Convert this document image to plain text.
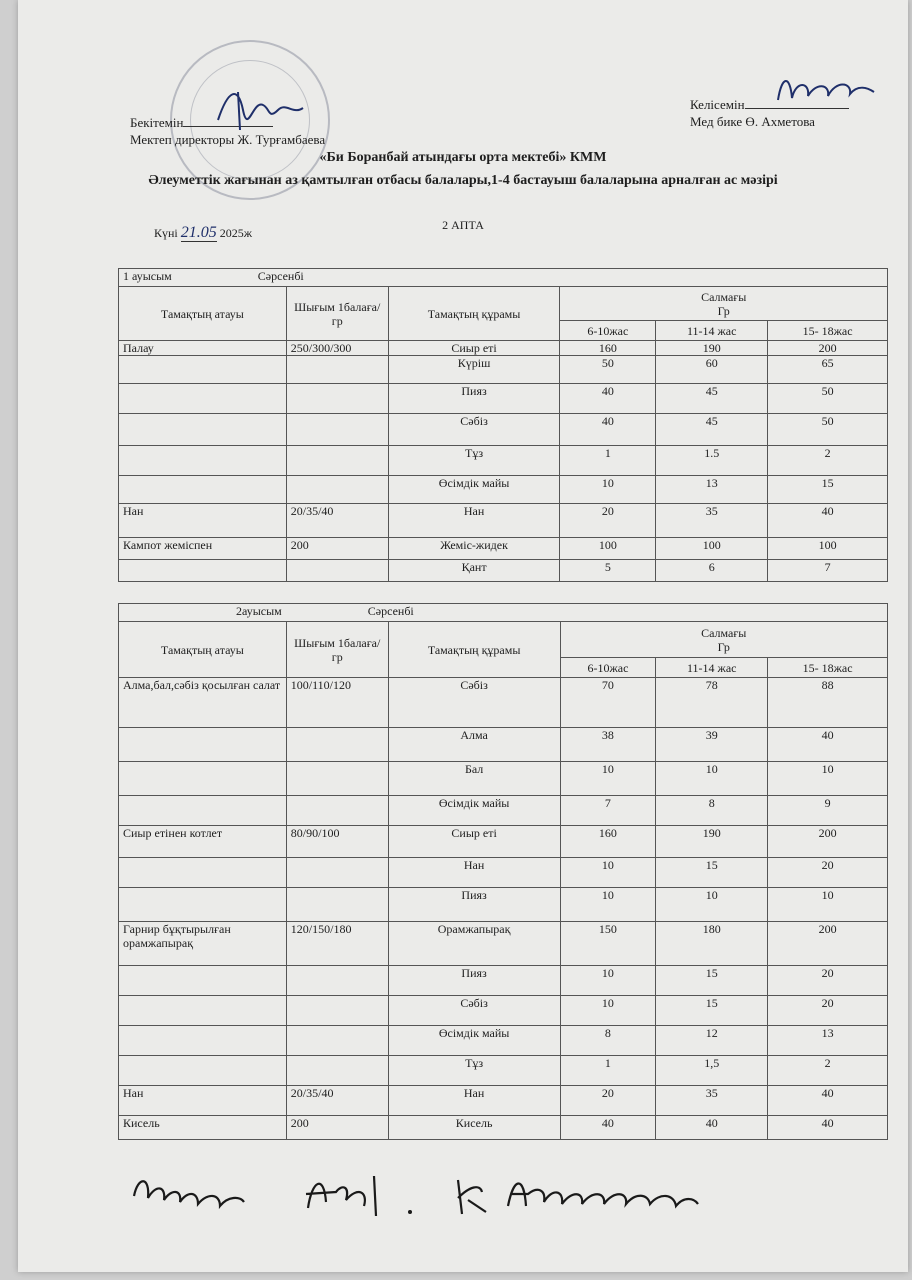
Бекітемін
Мектеп директоры Ж. Турғамбаева
Келісемін
Мед бике Ө. Ахметова
«Би Боранбай атындағы орта мектебі» КММ
Әлеуметтік жағынан аз қамтылған отбасы балалары,1-4 бастауыш балаларына арналған ас мәзірі
2 АПТА
Күні 21.05 2025ж
1 ауысым Сәрсенбі					
Тамақтың атауы	Шығым 1балаға/гр	Тамақтың құрамы	Салмағы
Гр		

			6-10жас	11-14 жас	15- 18жас
Палау	250/300/300	Сиыр еті	160	190	200
		Күріш	50	60	65
		Пияз	40	45	50
		Сәбіз	40	45	50
		Тұз	1	1.5	2
		Өсімдік майы	10	13	15
Нан	20/35/40	Нан	20	35	40
Кампот жеміспен	200	Жеміс-жидек	100	100	100
		Қант	5	6	7
2ауысым Сәрсенбі					
Тамақтың атауы	Шығым 1балаға/гр	Тамақтың құрамы	Салмағы
Гр		

			6-10жас	11-14 жас	15- 18жас
Алма,бал,сәбіз қосылған салат	100/110/120	Сәбіз	70	78	88
		Алма	38	39	40
		Бал	10	10	10
		Өсімдік майы	7	8	9
Сиыр етінен котлет	80/90/100	Сиыр еті	160	190	200
		Нан	10	15	20
		Пияз	10	10	10
Гарнир бұқтырылған орамжапырақ	120/150/180	Орамжапырақ	150	180	200
		Пияз	10	15	20
		Сәбіз	10	15	20
		Өсімдік майы	8	12	13
		Тұз	1	1,5	2
Нан	20/35/40	Нан	20	35	40
Кисель	200	Кисель	40	40	40
